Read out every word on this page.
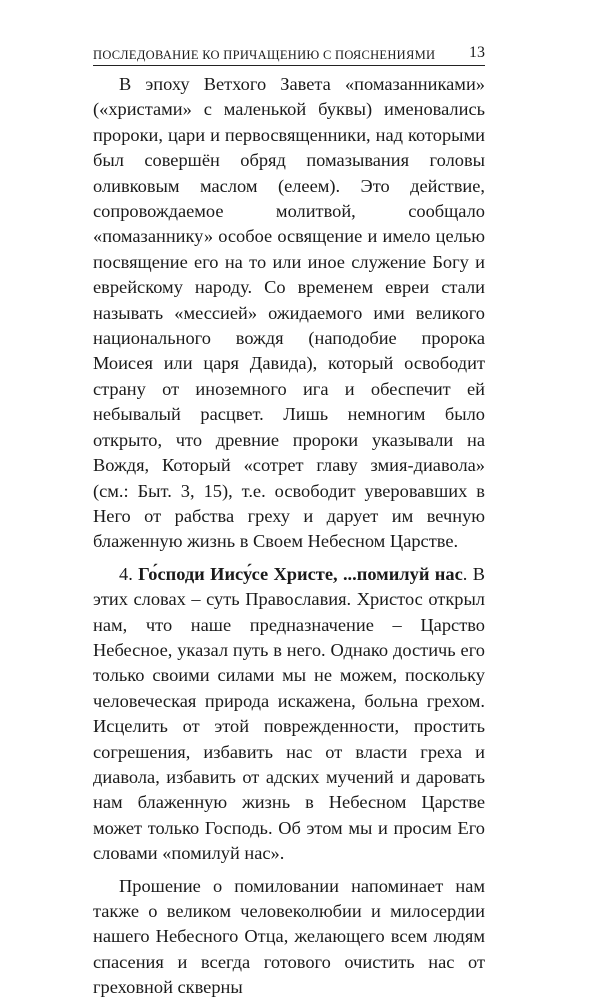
ПОСЛЕДОВАНИЕ КО ПРИЧАЩЕНИЮ С ПОЯСНЕНИЯМИ 13

В эпоху Ветхого Завета «помазанниками» («христами» с маленькой буквы) именовались пророки, цари и первосвященники, над которыми был совершён обряд помазывания головы оливковым маслом (елеем). Это действие, сопровождаемое молитвой, сообщало «помазаннику» особое освящение и имело целью посвящение его на то или иное служение Богу и еврейскому народу. Со временем евреи стали называть «мессией» ожидаемого ими великого национального вождя (наподобие пророка Моисея или царя Давида), который освободит страну от иноземного ига и обеспечит ей небывалый расцвет. Лишь немногим было открыто, что древние пророки указывали на Вождя, Который «сотрет главу змия-диавола» (см.: Быт. 3, 15), т.е. освободит уверовавших в Него от рабства греху и дарует им вечную блаженную жизнь в Своем Небесном Царстве.

4. Го́споди Иису́се Христе, ...помилуй нас. В этих словах – суть Православия. Христос открыл нам, что наше предназначение – Царство Небесное, указал путь в него. Однако достичь его только своими силами мы не можем, поскольку человеческая природа искажена, больна грехом. Исцелить от этой поврежденности, простить согрешения, избавить нас от власти греха и диавола, избавить от адских мучений и даровать нам блаженную жизнь в Небесном Царстве может только Господь. Об этом мы и просим Его словами «помилуй нас».

Прошение о помиловании напоминает нам также о великом человеколюбии и милосердии нашего Небесного Отца, желающего всем людям спасения и всегда готового очистить нас от греховной скверны
